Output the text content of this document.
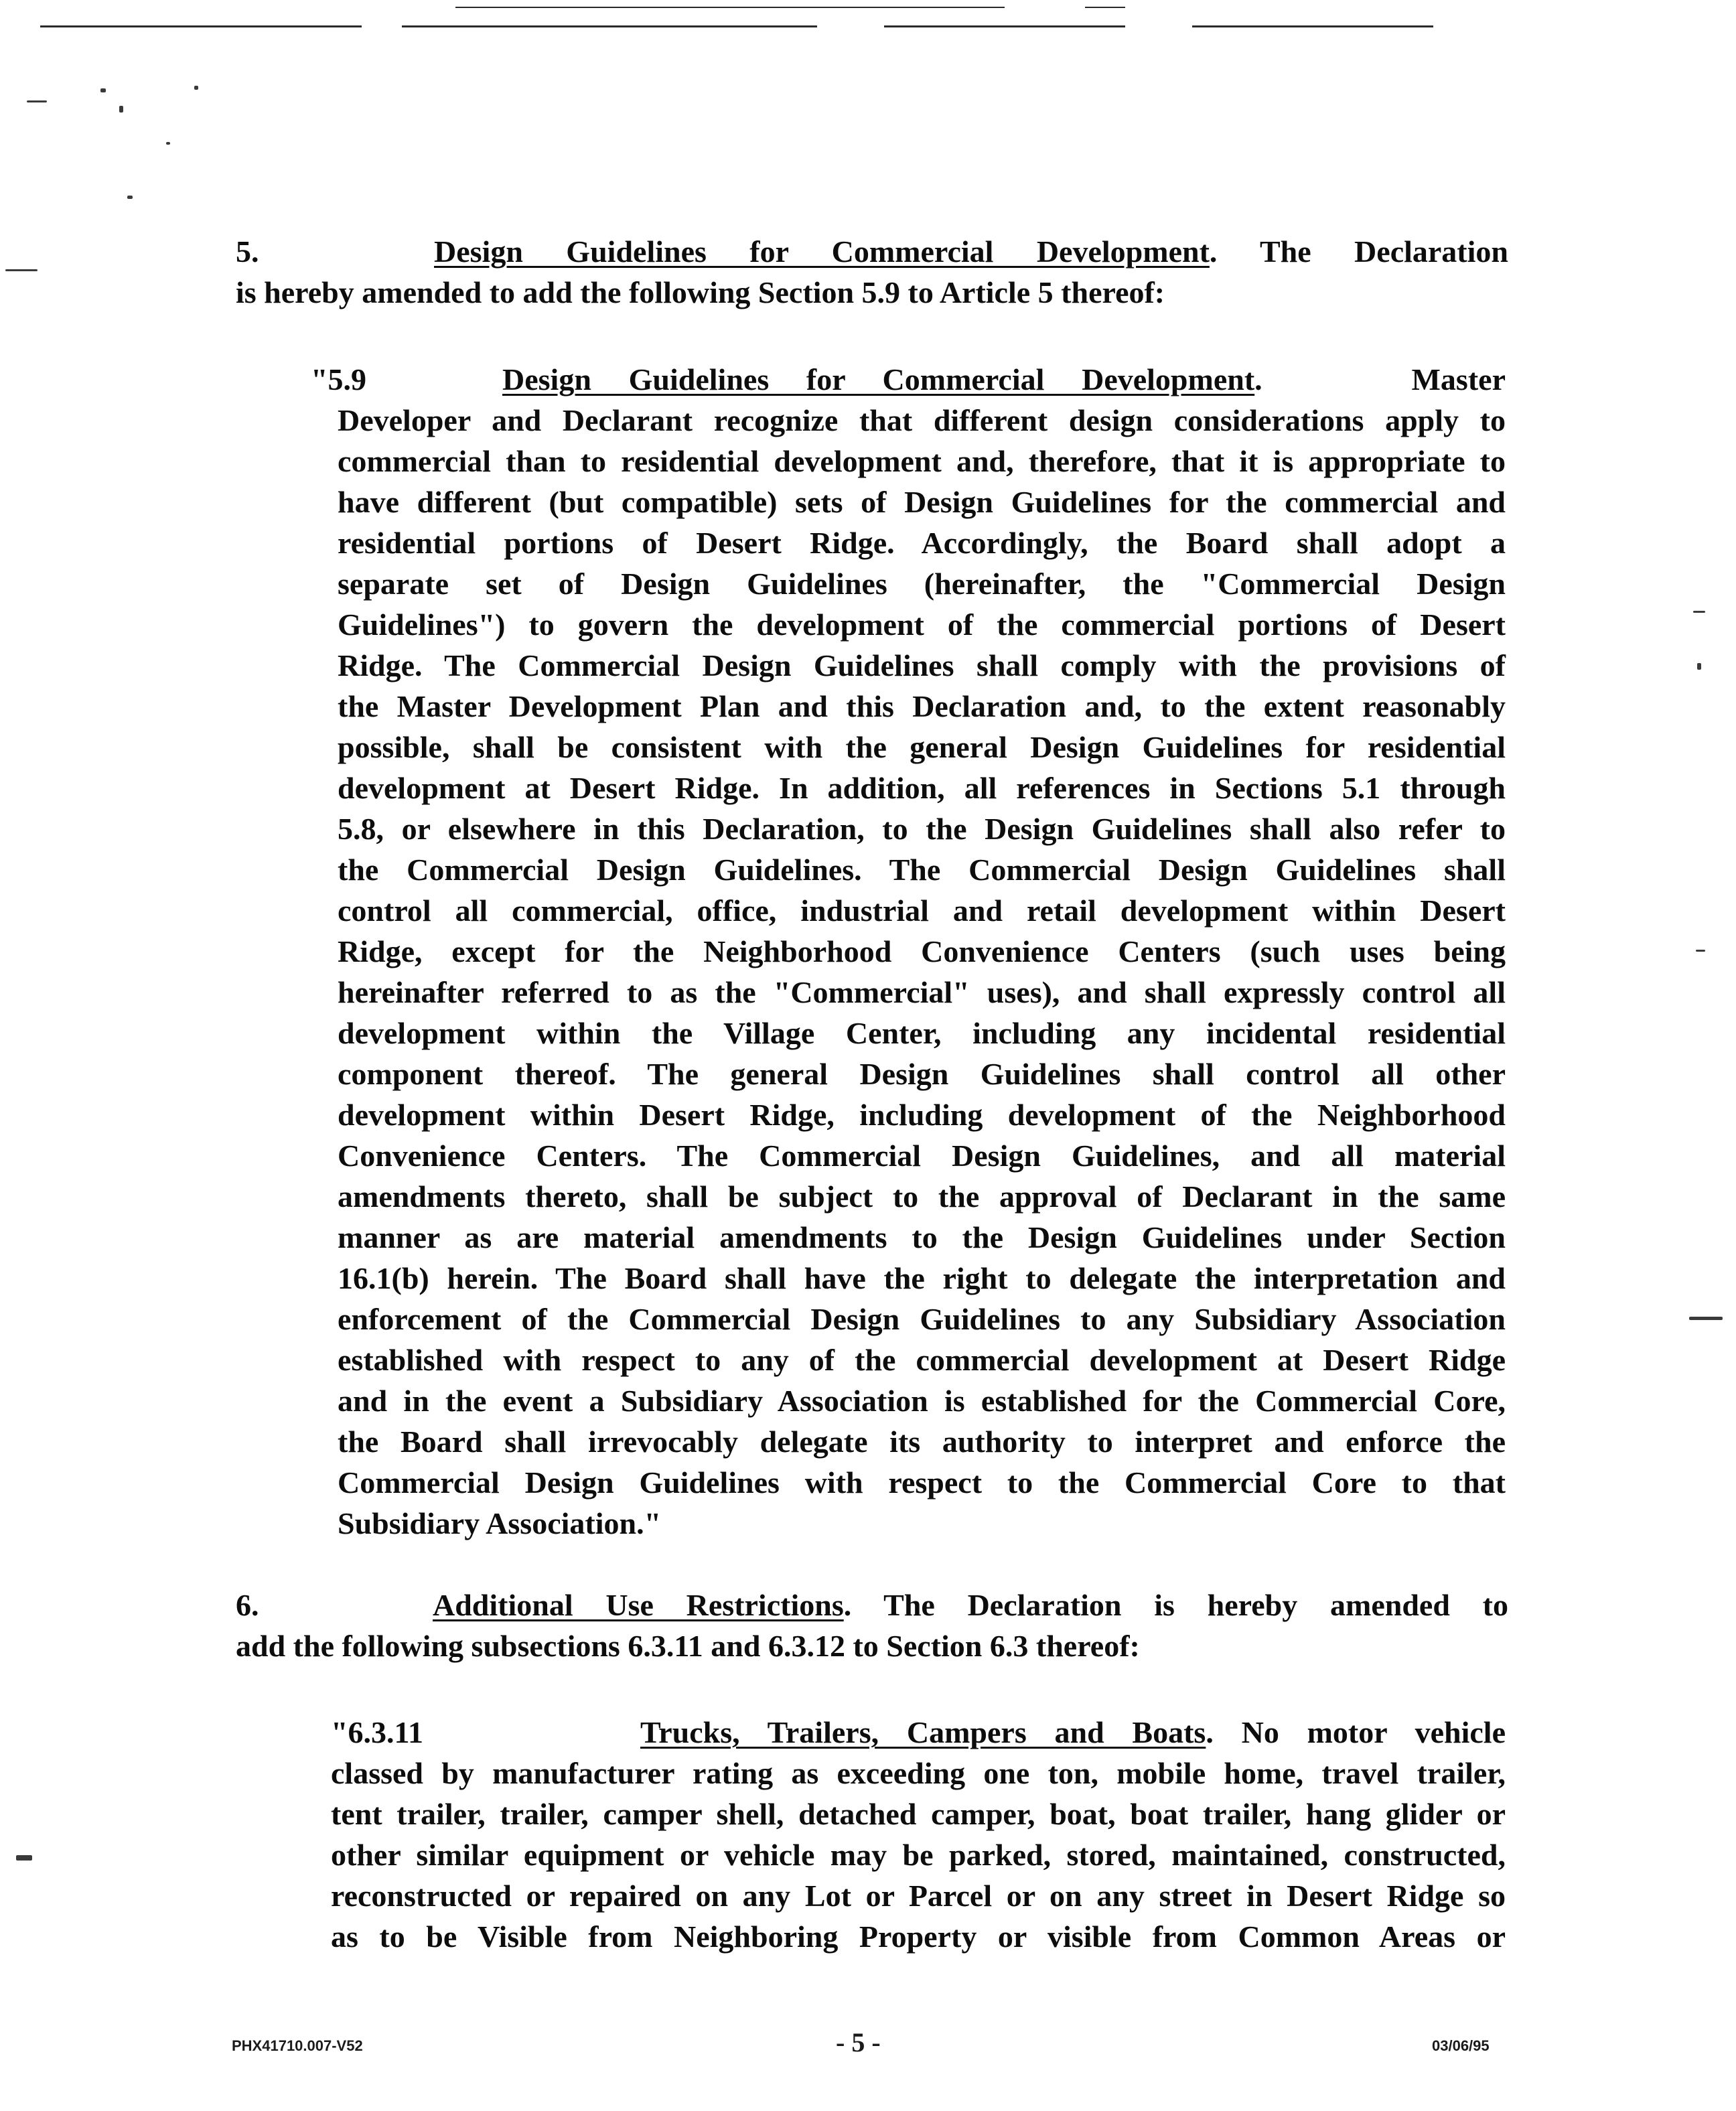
5.	Design Guidelines for Commercial Development. The Declaration
is hereby amended to add the following Section 5.9 to Article 5 thereof:
"5.9	Design Guidelines for Commercial Development.    Master
Developer and Declarant recognize that different design considerations apply to
commercial than to residential development and, therefore, that it is appropriate to
have different (but compatible) sets of Design Guidelines for the commercial and
residential portions of Desert Ridge. Accordingly, the Board shall adopt a
separate set of Design Guidelines (hereinafter, the "Commercial Design
Guidelines") to govern the development of the commercial portions of Desert
Ridge. The Commercial Design Guidelines shall comply with the provisions of
the Master Development Plan and this Declaration and, to the extent reasonably
possible, shall be consistent with the general Design Guidelines for residential
development at Desert Ridge. In addition, all references in Sections 5.1 through
5.8, or elsewhere in this Declaration, to the Design Guidelines shall also refer to
the Commercial Design Guidelines. The Commercial Design Guidelines shall
control all commercial, office, industrial and retail development within Desert
Ridge, except for the Neighborhood Convenience Centers (such uses being
hereinafter referred to as the "Commercial" uses), and shall expressly control all
development within the Village Center, including any incidental residential
component thereof. The general Design Guidelines shall control all other
development within Desert Ridge, including development of the Neighborhood
Convenience Centers. The Commercial Design Guidelines, and all material
amendments thereto, shall be subject to the approval of Declarant in the same
manner as are material amendments to the Design Guidelines under Section
16.1(b) herein. The Board shall have the right to delegate the interpretation and
enforcement of the Commercial Design Guidelines to any Subsidiary Association
established with respect to any of the commercial development at Desert Ridge
and in the event a Subsidiary Association is established for the Commercial Core,
the Board shall irrevocably delegate its authority to interpret and enforce the
Commercial Design Guidelines with respect to the Commercial Core to that
Subsidiary Association."
6.	Additional Use Restrictions. The Declaration is hereby amended to
add the following subsections 6.3.11 and 6.3.12 to Section 6.3 thereof:
"6.3.11	Trucks, Trailers, Campers and Boats. No motor vehicle
classed by manufacturer rating as exceeding one ton, mobile home, travel trailer,
tent trailer, trailer, camper shell, detached camper, boat, boat trailer, hang glider or
other similar equipment or vehicle may be parked, stored, maintained, constructed,
reconstructed or repaired on any Lot or Parcel or on any street in Desert Ridge so
as to be Visible from Neighboring Property or visible from Common Areas or
PHX41710.007-V52	- 5 -	03/06/95
